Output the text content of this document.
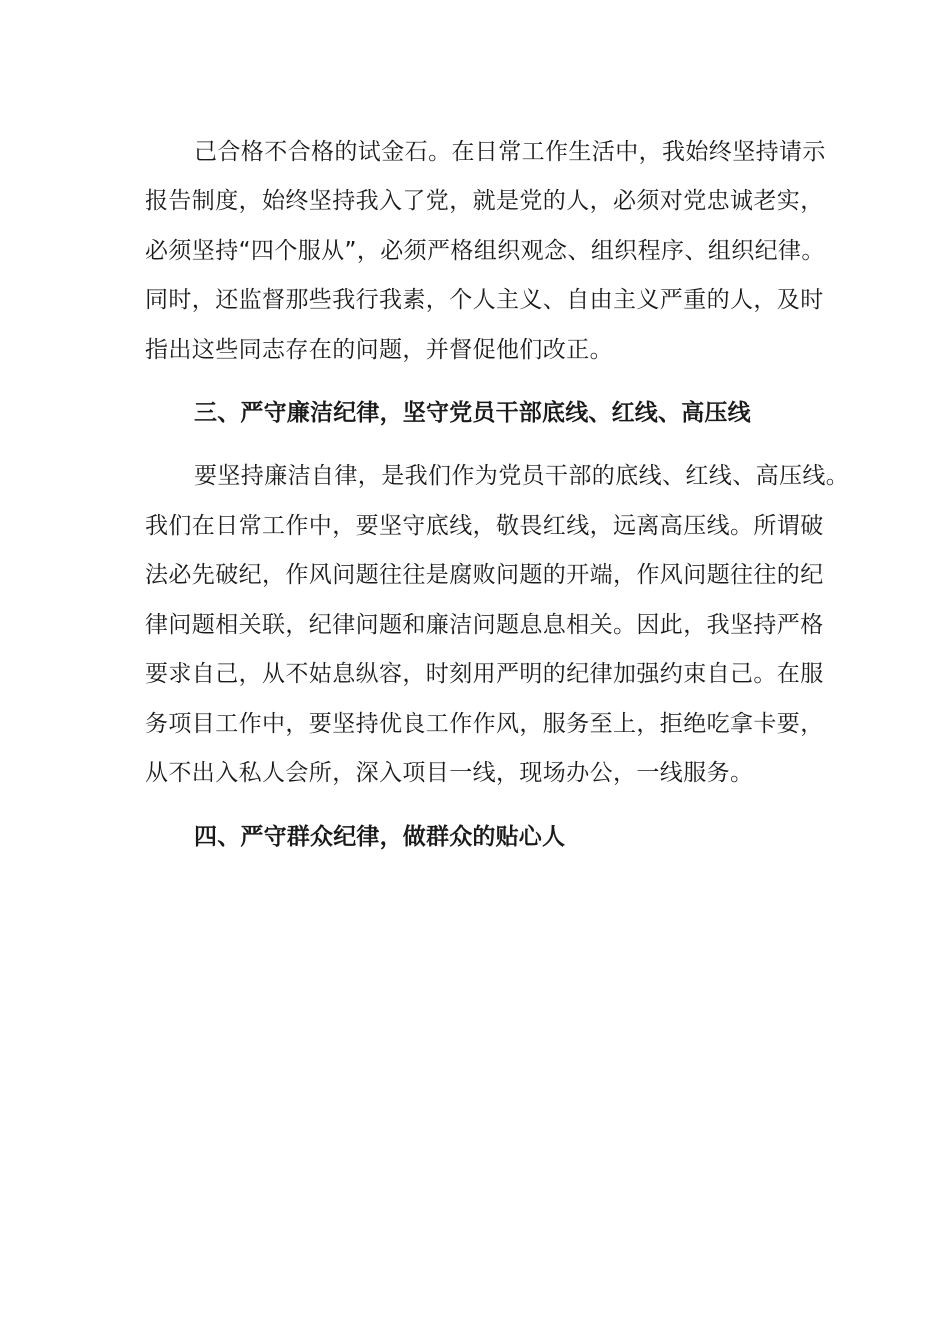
己合格不合格的试金石。在日常工作生活中，我始终坚持请示
报告制度，始终坚持我入了党，就是党的人，必须对党忠诚老实，
必须坚持“四个服从”，必须严格组织观念、组织程序、组织纪律。
同时，还监督那些我行我素，个人主义、自由主义严重的人，及时
指出这些同志存在的问题，并督促他们改正。
三、严守廉洁纪律，坚守党员干部底线、红线、高压线
要坚持廉洁自律，是我们作为党员干部的底线、红线、高压线。
我们在日常工作中，要坚守底线，敬畏红线，远离高压线。所谓破
法必先破纪，作风问题往往是腐败问题的开端，作风问题往往的纪
律问题相关联，纪律问题和廉洁问题息息相关。因此，我坚持严格
要求自己，从不姑息纵容，时刻用严明的纪律加强约束自己。在服
务项目工作中，要坚持优良工作作风，服务至上，拒绝吃拿卡要，
从不出入私人会所，深入项目一线，现场办公，一线服务。
四、严守群众纪律，做群众的贴心人
